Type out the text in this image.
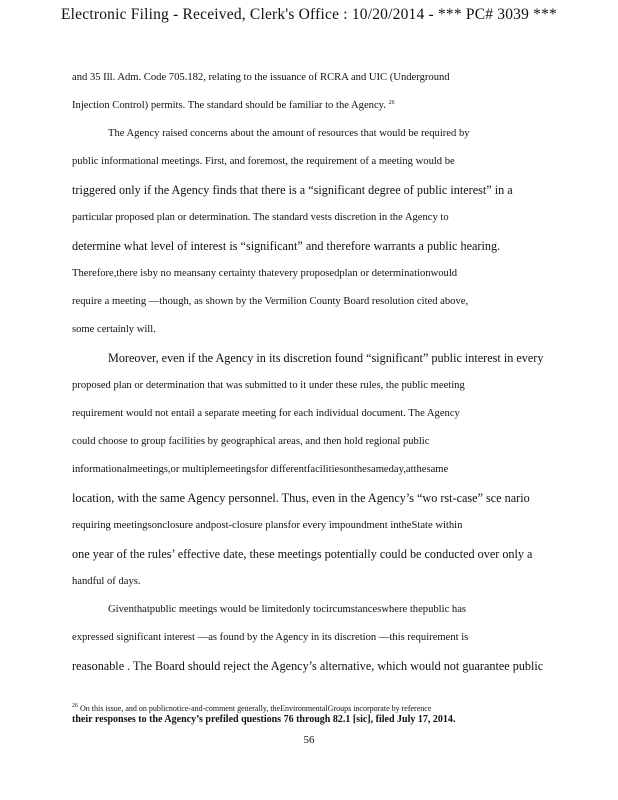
Electronic Filing - Received, Clerk's Office : 10/20/2014 - *** PC# 3039 ***
and 35 Ill. Adm. Code 705.182, relating to the issuance of RCRA and UIC (Underground
Injection Control) permits. The standard should be familiar to the Agency. $^{26}$
The Agency raised concerns about the amount of resources that would be required by
public informational meetings. First, and foremost, the requirement of a meeting would be
triggered only if the Agency finds that there is a “significant degree of public interest” in a
particular proposed plan or determination. The standard vests discretion in the Agency to
determine what level of interest is “significant” and therefore warrants a public hearing.
Therefore,there isby no meansany certainty thatevery proposedplan or determinationwould
require a meeting —though, as shown by the Vermilion County Board resolution cited above,
some certainly will.
Moreover, even if the Agency in its discretion found “significant” public interest in every
proposed plan or determination that was submitted to it under these rules, the public meeting
requirement would not entail a separate meeting for each individual document. The Agency
could choose to group facilities by geographical areas, and then hold regional public
informationalmeetings,or multiplemeetingsfor differentfacilitiesonthesameday,atthesame
location, with the same Agency personnel. Thus, even in the Agency’s “wo rst-case” sce nario
requiring meetingsonclosure andpost-closure plansfor every impoundment intheState within
one year of the rules’ effective date, these meetings potentially could be conducted over only a
handful of days.
Giventhatpublic meetings would be limitedonly tocircumstanceswhere thepublic has
expressed significant interest —as found by the Agency in its discretion —this requirement is
reasonable . The Board should reject the Agency’s alternative, which would not guarantee public
$^{26}$ On this issue, and on publicnotice-and-comment generally, theEnvironmentalGroups incorporate by reference
their responses to the Agency’s prefiled questions 76 through 82.1 [sic], filed July 17, 2014.
56
